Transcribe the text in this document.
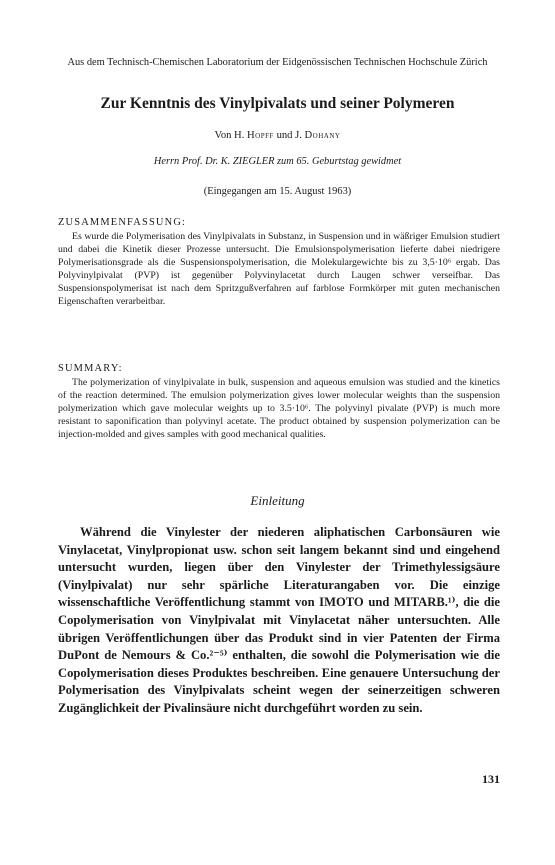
Aus dem Technisch-Chemischen Laboratorium der Eidgenössischen Technischen Hochschule Zürich
Zur Kenntnis des Vinylpivalats und seiner Polymeren
Von H. Hopff und J. Dohany
Herrn Prof. Dr. K. ZIEGLER zum 65. Geburtstag gewidmet
(Eingegangen am 15. August 1963)
ZUSAMMENFASSUNG:

Es wurde die Polymerisation des Vinylpivalats in Substanz, in Suspension und in wäßriger Emulsion studiert und dabei die Kinetik dieser Prozesse untersucht. Die Emulsionspolymerisation lieferte dabei niedrigere Polymerisationsgrade als die Suspensionspolymerisation, die Molekulargewichte bis zu 3,5·10⁶ ergab. Das Polyvinylpivalat (PVP) ist gegenüber Polyvinylacetat durch Laugen schwer verseifbar. Das Suspensionspolymerisat ist nach dem Spritzgußverfahren auf farblose Formkörper mit guten mechanischen Eigenschaften verarbeitbar.

SUMMARY:

The polymerization of vinylpivalate in bulk, suspension and aqueous emulsion was studied and the kinetics of the reaction determined. The emulsion polymerization gives lower molecular weights than the suspension polymerization which gave molecular weights up to 3.5·10⁶. The polyvinyl pivalate (PVP) is much more resistant to saponification than polyvinyl acetate. The product obtained by suspension polymerization can be injection-molded and gives samples with good mechanical qualities.

Einleitung

Während die Vinylester der niederen aliphatischen Carbonsäuren wie Vinylacetat, Vinylpropionat usw. schon seit langem bekannt sind und eingehend untersucht wurden, liegen über den Vinylester der Trimethylessigsäure (Vinylpivalat) nur sehr spärliche Literaturangaben vor. Die einzige wissenschaftliche Veröffentlichung stammt von IMOTO und MITARB.¹⁾, die die Copolymerisation von Vinylpivalat mit Vinylacetat näher untersuchten. Alle übrigen Veröffentlichungen über das Produkt sind in vier Patenten der Firma DuPont de Nemours & Co.²⁻⁵⁾ enthalten, die sowohl die Polymerisation wie die Copolymerisation dieses Produktes beschreiben. Eine genauere Untersuchung der Polymerisation des Vinylpivalats scheint wegen der seinerzeitigen schweren Zugänglichkeit der Pivalinsäure nicht durchgeführt worden zu sein.

131
